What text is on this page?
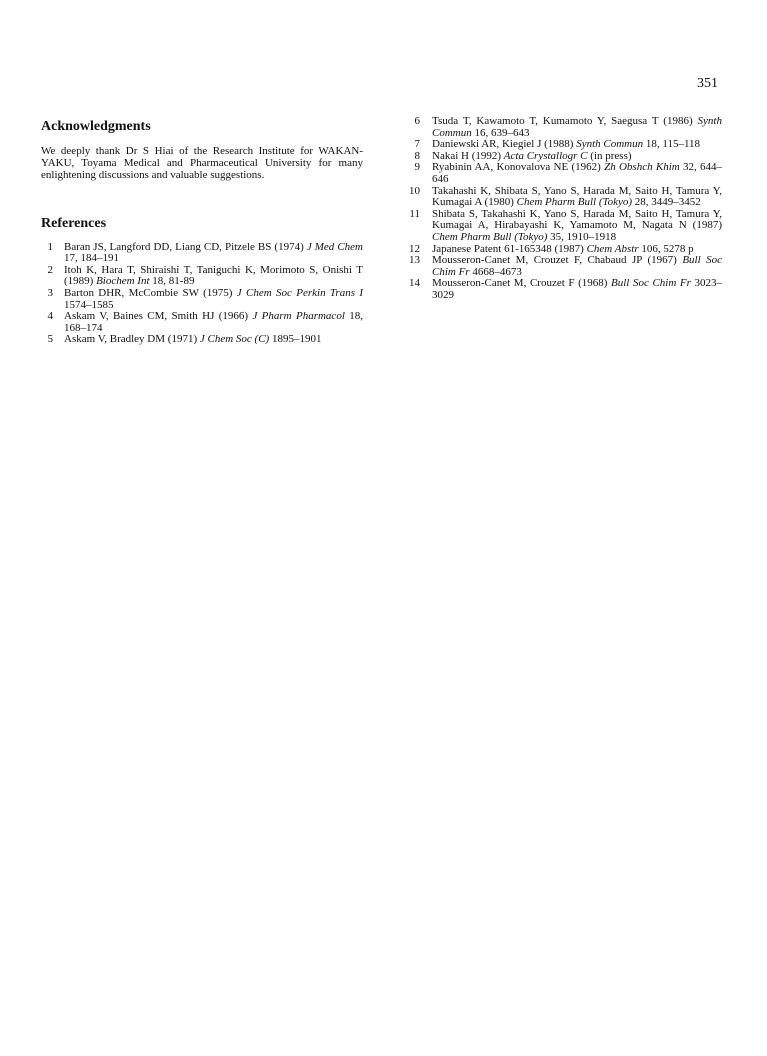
351
Acknowledgments

We deeply thank Dr S Hiai of the Research Institute for WAKAN-YAKU, Toyama Medical and Pharmaceutical University for many enlightening discussions and valuable suggestions.

References
1	Baran JS, Langford DD, Liang CD, Pitzele BS (1974) J Med Chem 17, 184–191
2	Itoh K, Hara T, Shiraishi T, Taniguchi K, Morimoto S, Onishi T (1989) Biochem Int 18, 81-89
3	Barton DHR, McCombie SW (1975) J Chem Soc Perkin Trans I 1574–1585
4	Askam V, Baines CM, Smith HJ (1966) J Pharm Pharmacol 18, 168–174
5	Askam V, Bradley DM (1971) J Chem Soc (C) 1895–1901
6	Tsuda T, Kawamoto T, Kumamoto Y, Saegusa T (1986) Synth Commun 16, 639–643
7	Daniewski AR, Kiegiel J (1988) Synth Commun 18, 115–118
8	Nakai H (1992) Acta Crystallogr C (in press)
9	Ryabinin AA, Konovalova NE (1962) Zh Obshch Khim 32, 644–646
10	Takahashi K, Shibata S, Yano S, Harada M, Saito H, Tamura Y, Kumagai A (1980) Chem Pharm Bull (Tokyo) 28, 3449–3452
11	Shibata S, Takahashi K, Yano S, Harada M, Saito H, Tamura Y, Kumagai A, Hirabayashi K, Yamamoto M, Nagata N (1987) Chem Pharm Bull (Tokyo) 35, 1910–1918
12	Japanese Patent 61-165348 (1987) Chem Abstr 106, 5278 p
13	Mousseron-Canet M, Crouzet F, Chabaud JP (1967) Bull Soc Chim Fr 4668–4673
14	Mousseron-Canet M, Crouzet F (1968) Bull Soc Chim Fr 3023–3029
